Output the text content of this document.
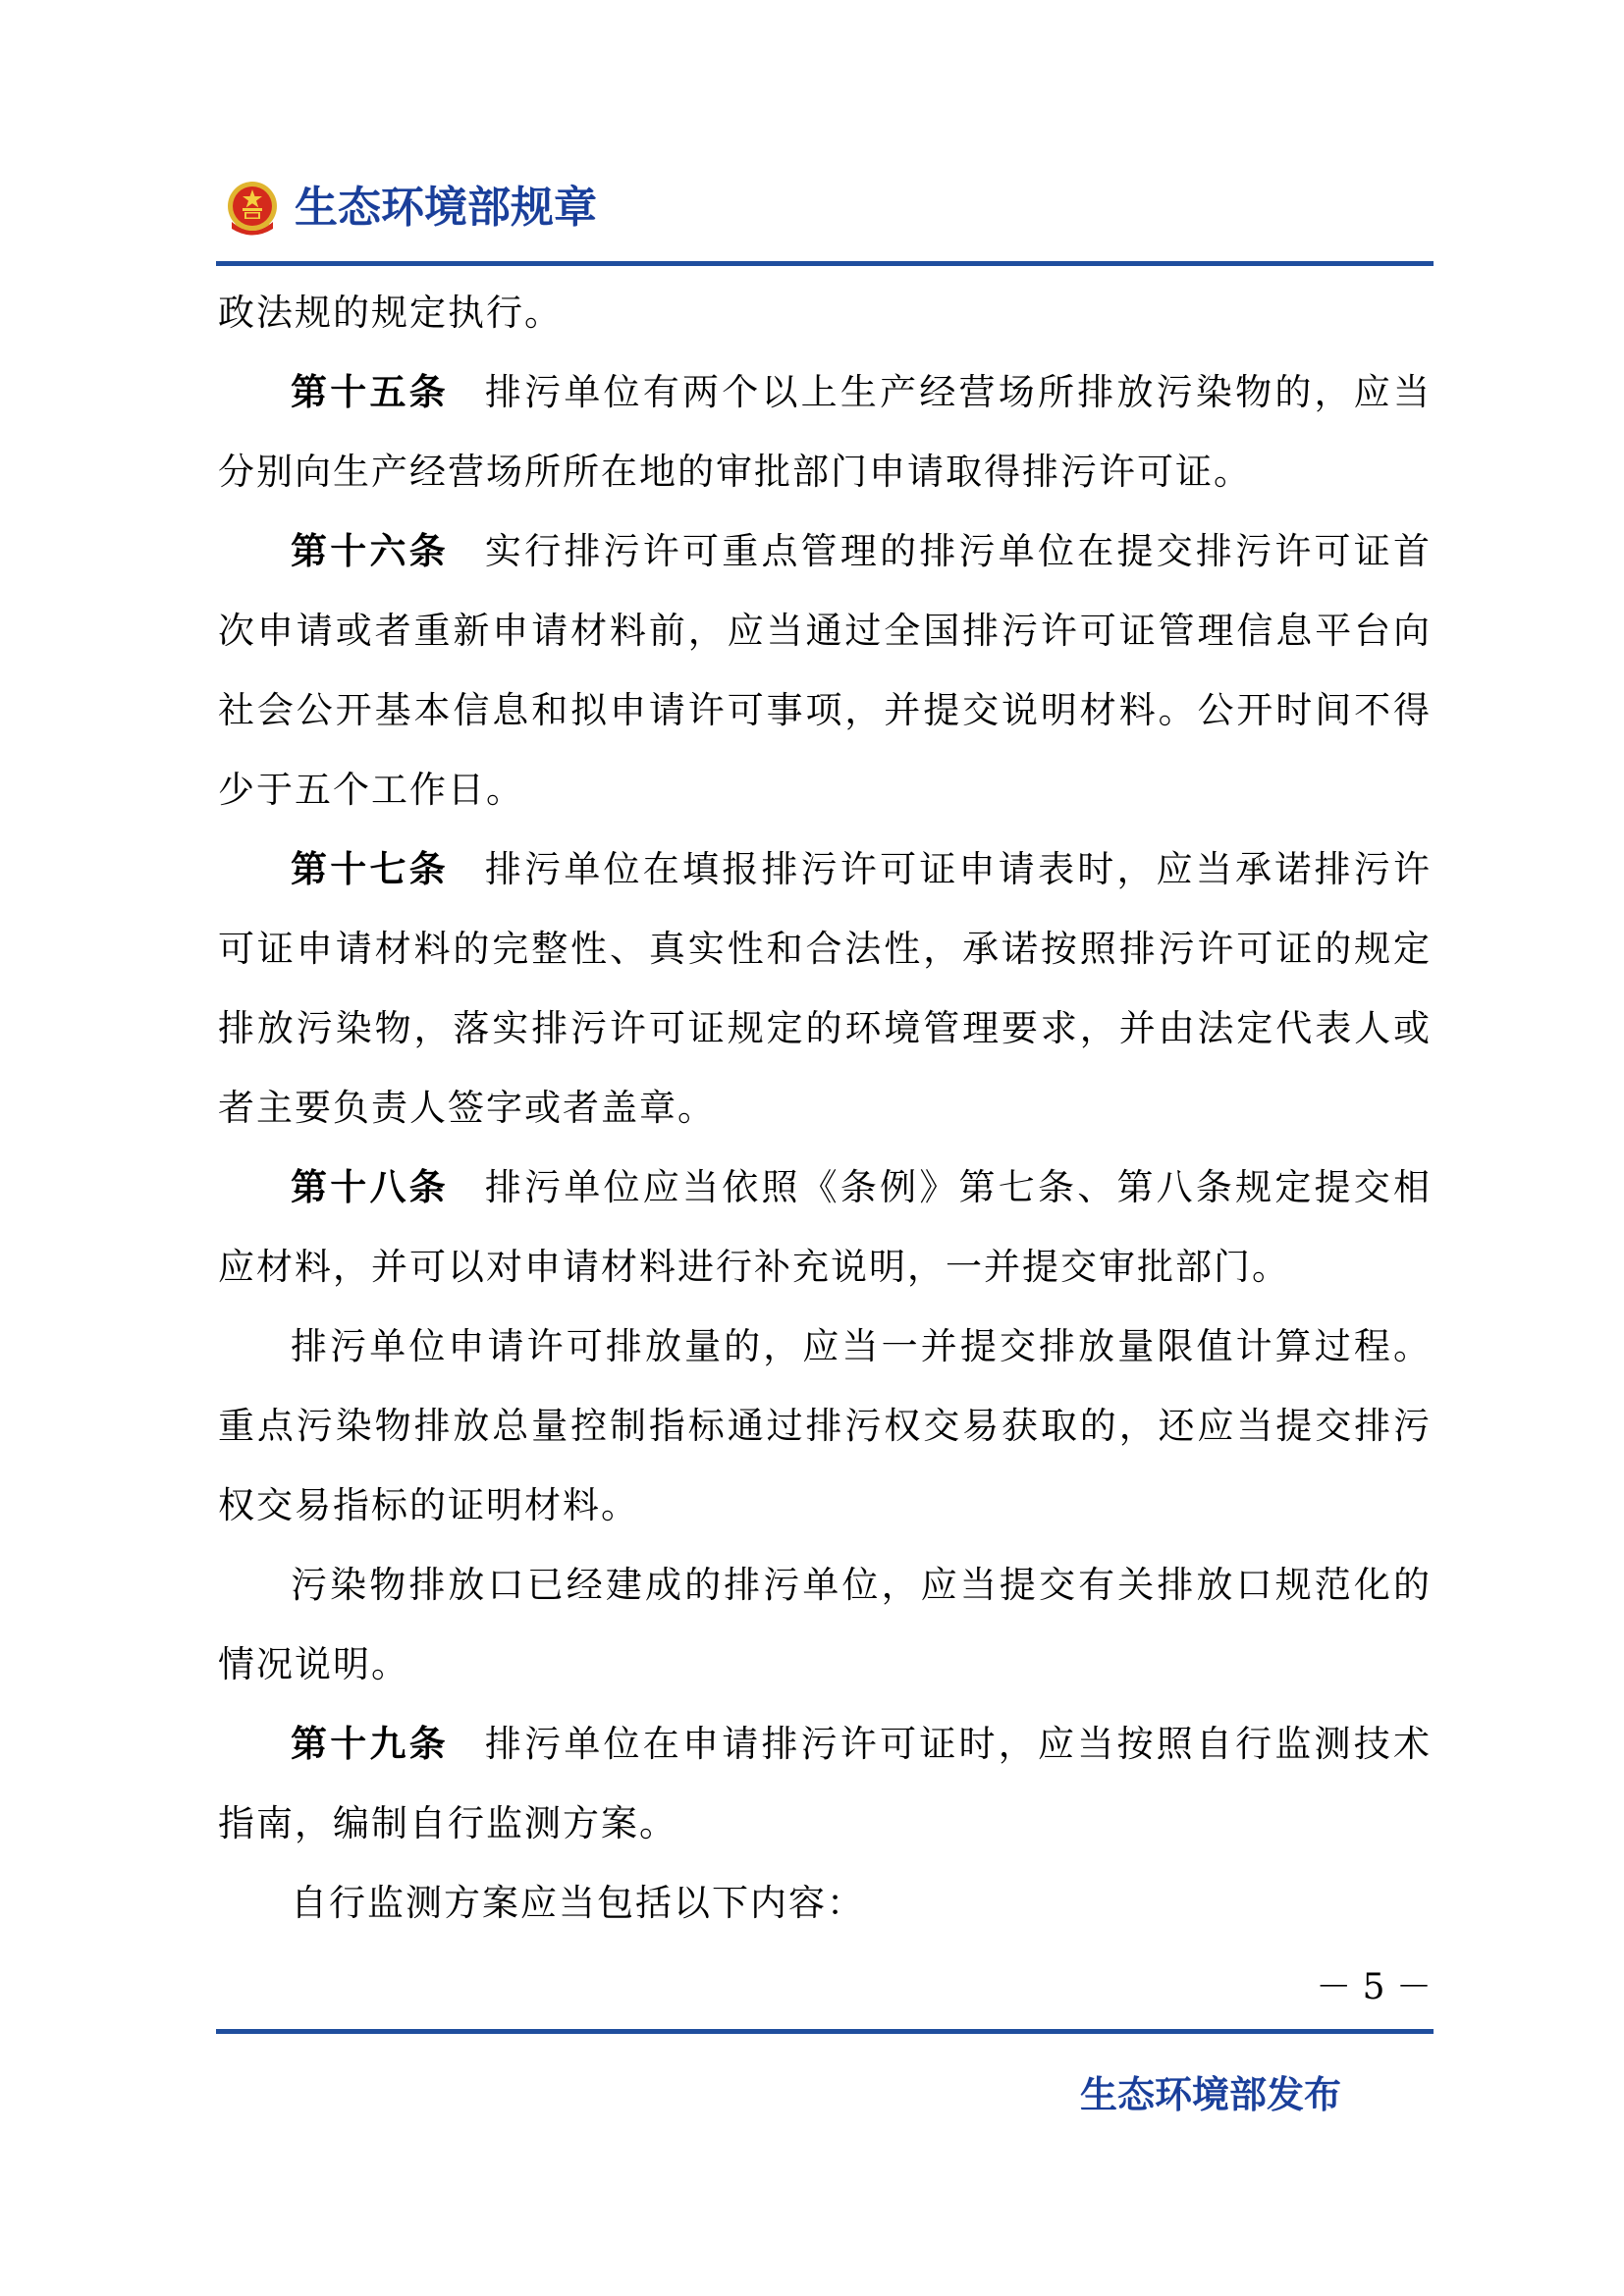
生态环境部规章

政法规的规定执行。

第十五条 排污单位有两个以上生产经营场所排放污染物的，应当分别向生产经营场所所在地的审批部门申请取得排污许可证。

第十六条 实行排污许可重点管理的排污单位在提交排污许可证首次申请或者重新申请材料前，应当通过全国排污许可证管理信息平台向社会公开基本信息和拟申请许可事项，并提交说明材料。公开时间不得少于五个工作日。

第十七条 排污单位在填报排污许可证申请表时，应当承诺排污许可证申请材料的完整性、真实性和合法性，承诺按照排污许可证的规定排放污染物，落实排污许可证规定的环境管理要求，并由法定代表人或者主要负责人签字或者盖章。

第十八条 排污单位应当依照《条例》第七条、第八条规定提交相应材料，并可以对申请材料进行补充说明，一并提交审批部门。

排污单位申请许可排放量的，应当一并提交排放量限值计算过程。重点污染物排放总量控制指标通过排污权交易获取的，还应当提交排污权交易指标的证明材料。

污染物排放口已经建成的排污单位，应当提交有关排放口规范化的情况说明。

第十九条 排污单位在申请排污许可证时，应当按照自行监测技术指南，编制自行监测方案。

自行监测方案应当包括以下内容：

－ 5 －
生态环境部发布
